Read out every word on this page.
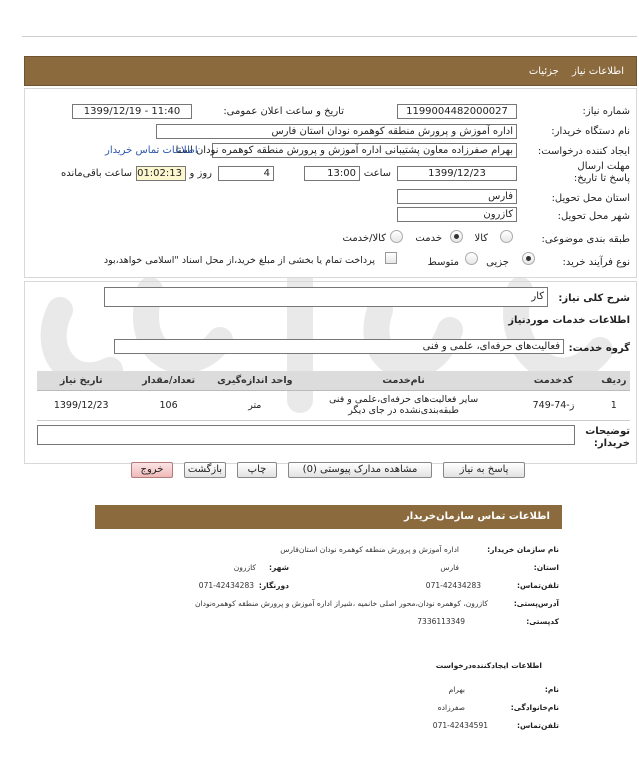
اطلاعات نیاز جزئیات
شماره نیاز:
1199004482000027
تاریخ و ساعت اعلان عمومی:
1399/12/19 - 11:40
نام دستگاه خریدار:
اداره آموزش و پرورش منطقه کوهمره نودان استان فارس
ایجاد کننده درخواست:
بهرام صفرزاده معاون پشتیبانی اداره آموزش و پرورش منطقه کوهمره نودان استا
اطلاعات تماس خریدار
مهلت ارسال پاسخ تا تاریخ:
1399/12/23
ساعت
13:00
4
روز و
01:02:13
ساعت باقی‌مانده
استان محل تحویل:
فارس
شهر محل تحویل:
کازرون
طبقه بندی موضوعی:
کالا
خدمت
کالا/خدمت
نوع فرآیند خرید:
جزیی
متوسط
پرداخت تمام یا بخشی از مبلغ خرید،از محل اسناد "اسلامی خواهد،بود
شرح کلی نیاز:
کار
اطلاعات خدمات مورد‌نیاز
گروه خدمت:
فعالیت‌های حرفه‌ای، علمی و فنی
ردیف	کدخدمت	نام‌خدمت	واحد اندازه‌گیری	تعداد/مقدار	تاریخ نیاز
1	ز-74-749	سایر فعالیت‌های حرفه‌ای،علمی و فنی طبقه‌بندی‌نشده در جای دیگر	متر	106	1399/12/23
توضیحات خریدار:
پاسخ به نیاز
مشاهده مدارک پیوستی (0)
چاپ
بازگشت
خروج
اطلاعات تماس سازمان‌خریدار
نام سازمان خریدار:
اداره آموزش و پرورش منطقه کوهمره نودان استان‌فارس
استان:
فارس
شهر:
کازرون
تلفن‌تماس:
071-42434283
دورنگار:
071-42434283
آدرس‌پستی:
کازرون، کوهمره نودان،محور اصلی خانمیه ،شیراز اداره آموزش و پرورش منطقه کوهمره‌نودان
کدپستی:
7336113349
اطلاعات ایجادکننده‌درخواست
نام:
بهرام
نام‌خانوادگی:
صفرزاده
تلفن‌تماس:
071-42434591
